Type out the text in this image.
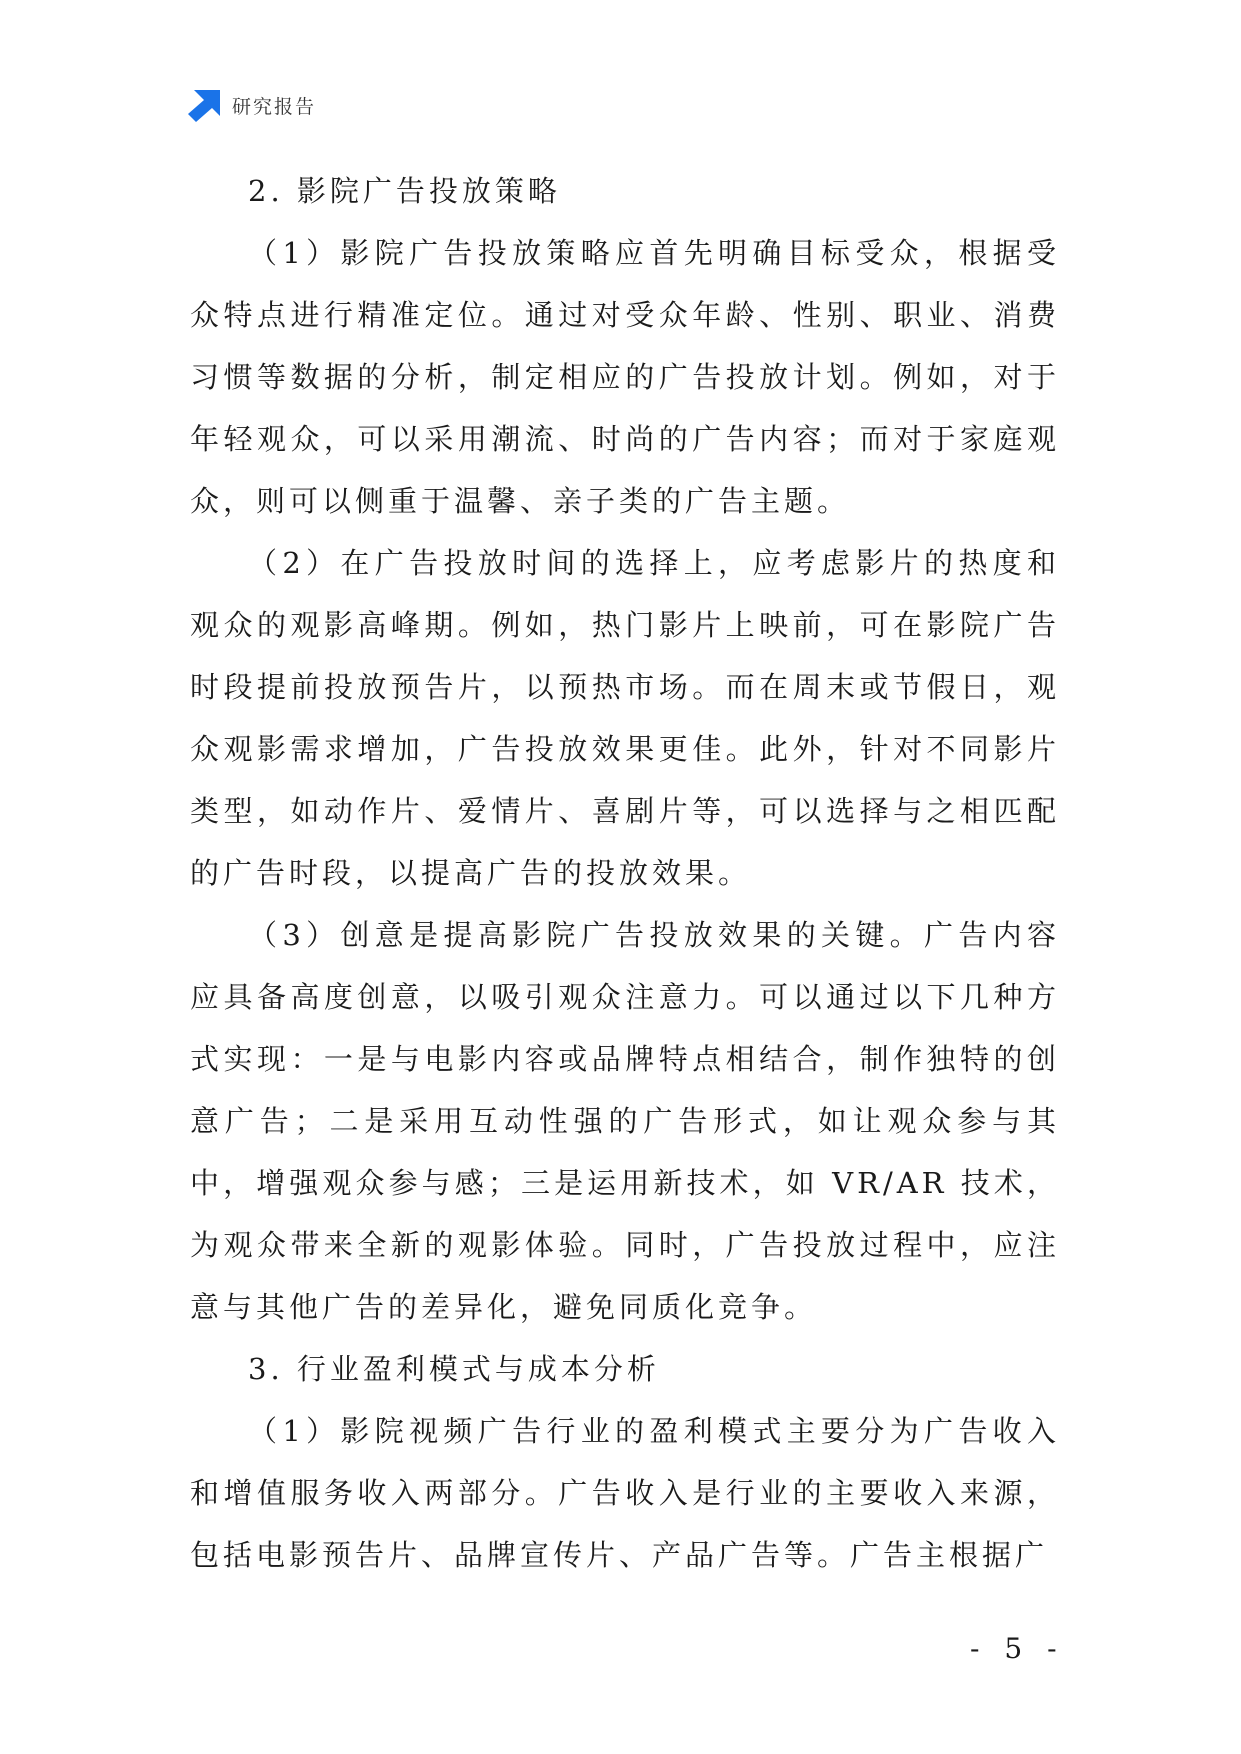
研究报告

2. 影院广告投放策略

（1）影院广告投放策略应首先明确目标受众，根据受众特点进行精准定位。通过对受众年龄、性别、职业、消费习惯等数据的分析，制定相应的广告投放计划。例如，对于年轻观众，可以采用潮流、时尚的广告内容；而对于家庭观众，则可以侧重于温馨、亲子类的广告主题。

（2）在广告投放时间的选择上，应考虑影片的热度和观众的观影高峰期。例如，热门影片上映前，可在影院广告时段提前投放预告片，以预热市场。而在周末或节假日，观众观影需求增加，广告投放效果更佳。此外，针对不同影片类型，如动作片、爱情片、喜剧片等，可以选择与之相匹配的广告时段，以提高广告的投放效果。

（3）创意是提高影院广告投放效果的关键。广告内容应具备高度创意，以吸引观众注意力。可以通过以下几种方式实现：一是与电影内容或品牌特点相结合，制作独特的创意广告；二是采用互动性强的广告形式，如让观众参与其中，增强观众参与感；三是运用新技术，如 VR/AR 技术，为观众带来全新的观影体验。同时，广告投放过程中，应注意与其他广告的差异化，避免同质化竞争。

3. 行业盈利模式与成本分析

（1）影院视频广告行业的盈利模式主要分为广告收入和增值服务收入两部分。广告收入是行业的主要收入来源，包括电影预告片、品牌宣传片、产品广告等。广告主根据广

- 5 -
